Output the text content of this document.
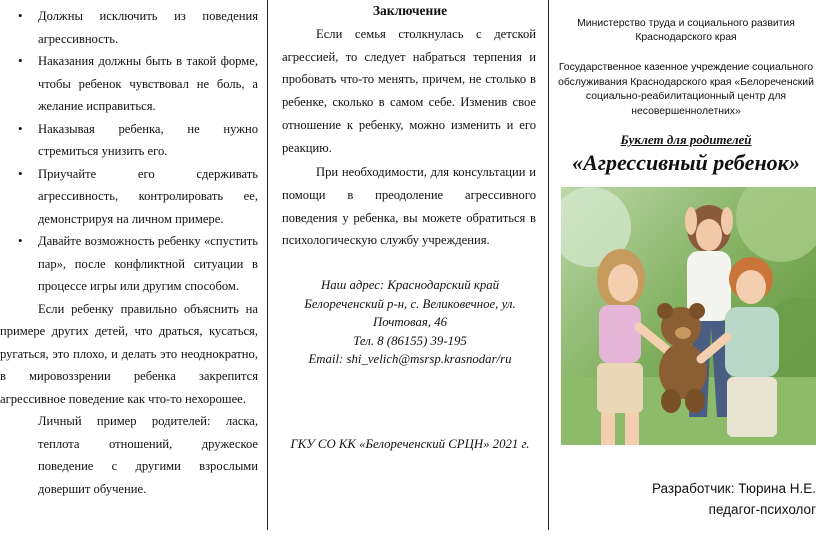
• Должны исключить из поведения агрессивность.
• Наказания должны быть в такой форме, чтобы ребенок чувствовал не боль, а желание исправиться.
• Наказывая ребенка, не нужно стремиться унизить его.
• Приучайте его сдерживать агрессивность, контролировать ее, демонстрируя на личном примере.
• Давайте возможность ребенку «спустить пар», после конфликтной ситуации в процессе игры или другим способом.
Если ребенку правильно объяснить на примере других детей, что драться, кусаться, ругаться, это плохо, и делать это неоднократно, в мировоззрении ребенка закрепится агрессивное поведение как что-то нехорошее.
Личный пример родителей: ласка, теплота отношений, дружеское поведение с другими взрослыми довершит обучение.
Заключение
Если семья столкнулась с детской агрессией, то следует набраться терпения и пробовать что-то менять, причем, не столько в ребенке, сколько в самом себе. Изменив свое отношение к ребенку, можно изменить и его реакцию.
При необходимости, для консультации и помощи в преодоление агрессивного поведения у ребенка, вы можете обратиться в психологическую службу учреждения.
Наш адрес: Краснодарский край
Белореченский р-н, с. Великовечное, ул. Почтовая, 46
Тел. 8 (86155) 39-195
Email: shi_velich@msrsp.krasnodar/ru
ГКУ СО КК «Белореченский СРЦН» 2021 г.
Министерство труда и социального развития Краснодарского края
Государственное казенное учреждение социального обслуживания Краснодарского края «Белореченский социально-реабилитационный центр для несовершеннолетних»
Буклет для родителей
«Агрессивный ребенок»
Разработчик: Тюрина Н.Е.
педагог-психолог
